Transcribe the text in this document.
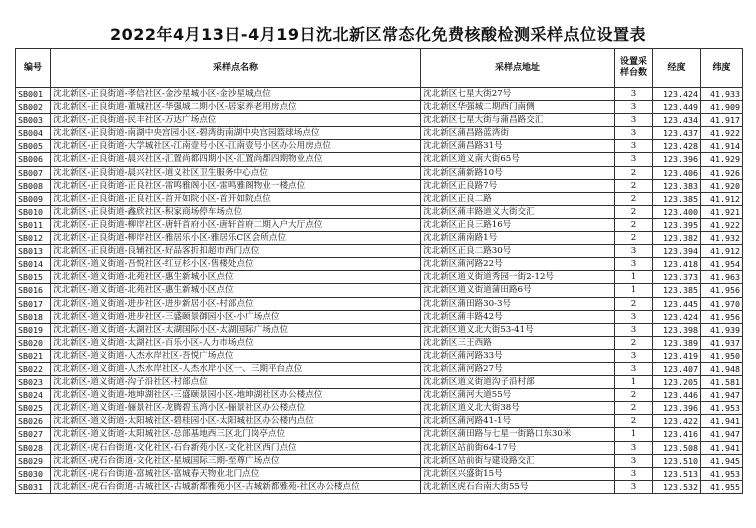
2022年4月13日-4月19日沈北新区常态化免费核酸检测采样点位设置表
编号	采样点名称	采样点地址	设置采样台数	经度	纬度
SB001	沈北新区-正良街道-孝信社区-金沙星城小区-金沙星城点位	沈北新区七星大街27号	3	123.424	41.933
SB002	沈北新区-正良街道-董城社区-华强城二期小区-居家养老用房点位	沈北新区华强城二期西门南侧	3	123.449	41.909
SB003	沈北新区-正良街道-民丰社区-万达广场点位	沈北新区七星大街与蒲昌路交汇	3	123.434	41.917
SB004	沈北新区-正良街道-南湖中央宫园小区-碧湾街南湖中央宫园篮球场点位	沈北新区蒲昌路蓝湾街	3	123.437	41.922
SB005	沈北新区-正良街道-大学城社区-江南壹号小区-江南壹号小区办公用房点位	沈北新区蒲昌路31号	3	123.428	41.914
SB006	沈北新区-正良街道-晨兴社区-汇置尚都四期小区-汇置尚都四期物业点位	沈北新区道义南大街65号	3	123.396	41.929
SB007	沈北新区-正良街道-晨兴社区-道义社区卫生服务中心点位	沈北新区蒲新路10号	2	123.406	41.926
SB008	沈北新区-正良街道-正良社区-雷鸣雅阁小区-雷鸣雅阁物业一楼点位	沈北新区正良路7号	2	123.383	41.920
SB009	沈北新区-正良街道-正良社区-首开如院小区-首开如院点位	沈北新区正良二路	2	123.385	41.912
SB010	沈北新区-正良街道-鑫欣社区-积家商场停车场点位	沈北新区蒲丰路道义大街交汇	2	123.400	41.921
SB011	沈北新区-正良街道-柳岸社区-唐轩首府小区-唐轩首府二期入户大厅点位	沈北新区正良三路16号	2	123.395	41.922
SB012	沈北新区-正良街道-柳岸社区-雅居乐小区-雅居乐C区会所点位	沈北新区蒲南路1号	2	123.382	41.932
SB013	沈北新区-正良街道-良辅社区-好品客折扣超市西门点位	沈北新区正良二路30号	3	123.394	41.912
SB014	沈北新区-道义街道-吾悦社区-红豆杉小区-售楼处点位	沈北新区蒲河路22号	3	123.418	41.954
SB015	沈北新区-道义街道-北苑社区-惠生新城小区点位	沈北新区道义街道秀园一街2-12号	1	123.373	41.963
SB016	沈北新区-道义街道-北苑社区-惠生新城小区点位	沈北新区道义街道蒲田路6号	1	123.385	41.956
SB017	沈北新区-道义街道-进步社区-进步新居小区-村部点位	沈北新区蒲田路30-3号	2	123.445	41.970
SB018	沈北新区-道义街道-进步社区-三盛颐景御园小区-小广场点位	沈北新区蒲丰路42号	3	123.424	41.956
SB019	沈北新区-道义街道-太湖社区-太湖国际小区-太湖国际广场点位	沈北新区道义北大街53-41号	3	123.398	41.939
SB020	沈北新区-道义街道-太湖社区-百乐小区-人力市场点位	沈北新区三王西路	2	123.389	41.937
SB021	沈北新区-道义街道-人杰水岸社区-吾悦广场点位	沈北新区蒲河路33号	3	123.419	41.950
SB022	沈北新区-道义街道-人杰水岸社区-人杰水岸小区一、三期平台点位	沈北新区蒲河路27号	3	123.407	41.948
SB023	沈北新区-道义街道-沟子沿社区-村部点位	沈北新区道义街道沟子沿村部	1	123.205	41.581
SB024	沈北新区-道义街道-地坤湖社区-三盛颐景园小区-地坤湖社区办公楼点位	沈北新区蒲河大道55号	2	123.446	41.947
SB025	沈北新区-道义街道-俪景社区-龙腾碧玉湾小区-俪景社区办公楼点位	沈北新区道义北大街38号	2	123.396	41.953
SB026	沈北新区-道义街道-太阳城社区-碧桂园小区-太阳城社区办公楼内点位	沈北新区蒲河路41-1号	2	123.422	41.941
SB027	沈北新区-道义街道-太阳城社区-总部基地西三区北门岗亭点位	沈北新区蒲田路与七星一街路口东30米	1	123.416	41.947
SB028	沈北新区-虎石台街道-文化社区-石台新苑小区-文化社区西门点位	沈北新区站前街64-17号	3	123.508	41.941
SB029	沈北新区-虎石台街道-文化社区-星城国际三期-至尊广场点位	沈北新区站前街与建设路交汇	3	123.510	41.945
SB030	沈北新区-虎石台街道-富城社区-富城春天物业北门点位	沈北新区兴盛街15号	3	123.513	41.953
SB031	沈北新区-虎石台街道-古城社区-古城新都雅苑小区-古城新都雅苑-社区办公楼点位	沈北新区虎石台南大街55号	3	123.532	41.955
